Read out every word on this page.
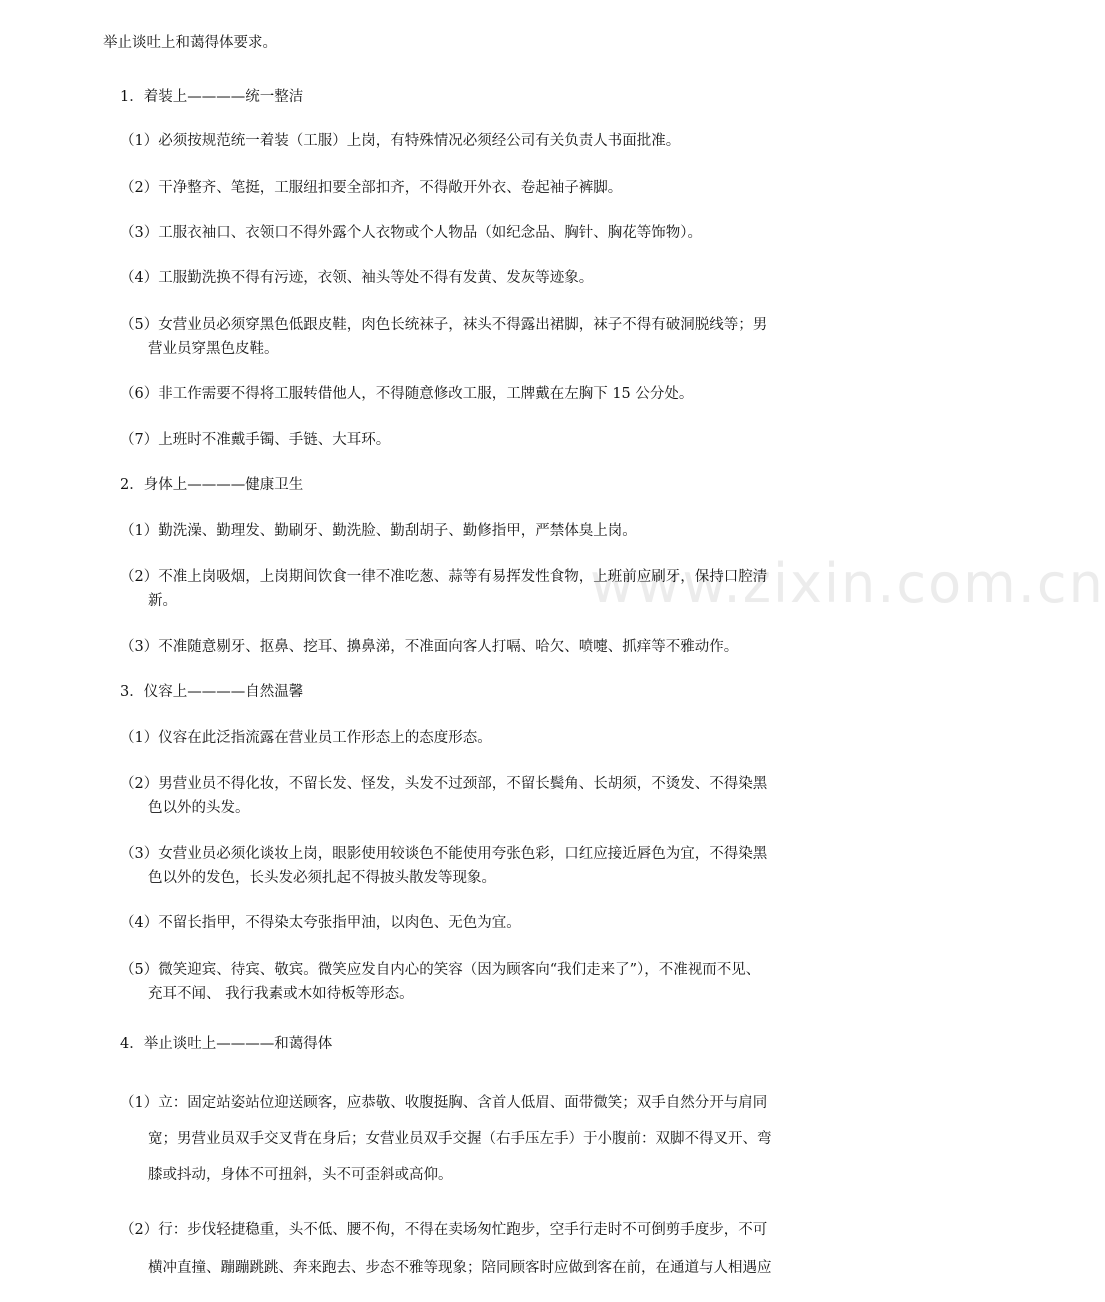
www.zixin.com.cn
举止谈吐上和蔼得体要求。
1．着装上————统一整洁
（1）必须按规范统一着装（工服）上岗，有特殊情况必须经公司有关负责人书面批准。
（2）干净整齐、笔挺，工服纽扣要全部扣齐，不得敞开外衣、卷起袖子裤脚。
（3）工服衣袖口、衣领口不得外露个人衣物或个人物品（如纪念品、胸针、胸花等饰物）。
（4）工服勤洗换不得有污迹，衣领、袖头等处不得有发黄、发灰等迹象。
（5）女营业员必须穿黑色低跟皮鞋，肉色长统袜子，袜头不得露出裙脚，袜子不得有破洞脱线等；男
营业员穿黑色皮鞋。
（6）非工作需要不得将工服转借他人，不得随意修改工服，工牌戴在左胸下 15 公分处。
（7）上班时不准戴手镯、手链、大耳环。
2．身体上————健康卫生
（1）勤洗澡、勤理发、勤刷牙、勤洗脸、勤刮胡子、勤修指甲，严禁体臭上岗。
（2）不准上岗吸烟，上岗期间饮食一律不准吃葱、蒜等有易挥发性食物，上班前应刷牙，保持口腔清
新。
（3）不准随意剔牙、抠鼻、挖耳、擤鼻涕，不准面向客人打嗝、哈欠、喷嚏、抓痒等不雅动作。
3．仪容上————自然温馨
（1）仪容在此泛指流露在营业员工作形态上的态度形态。
（2）男营业员不得化妆，不留长发、怪发，头发不过颈部，不留长鬓角、长胡须，不烫发、不得染黑
色以外的头发。
（3）女营业员必须化谈妆上岗，眼影使用较谈色不能使用夸张色彩，口红应接近唇色为宜，不得染黑
色以外的发色，长头发必须扎起不得披头散发等现象。
（4）不留长指甲，不得染太夸张指甲油，以肉色、无色为宜。
（5）微笑迎宾、待宾、敬宾。微笑应发自内心的笑容（因为顾客向“我们走来了”），不准视而不见、
充耳不闻、 我行我素或木如待板等形态。
4．举止谈吐上————和蔼得体
（1）立：固定站姿站位迎送顾客，应恭敬、收腹挺胸、含首人低眉、面带微笑；双手自然分开与肩同
宽；男营业员双手交叉背在身后；女营业员双手交握（右手压左手）于小腹前：双脚不得叉开、弯
膝或抖动，身体不可扭斜，头不可歪斜或高仰。
（2）行：步伐轻捷稳重，头不低、腰不佝，不得在卖场匆忙跑步，空手行走时不可倒剪手度步，不可
横冲直撞、蹦蹦跳跳、奔来跑去、步态不雅等现象；陪同顾客时应做到客在前，在通道与人相遇应
